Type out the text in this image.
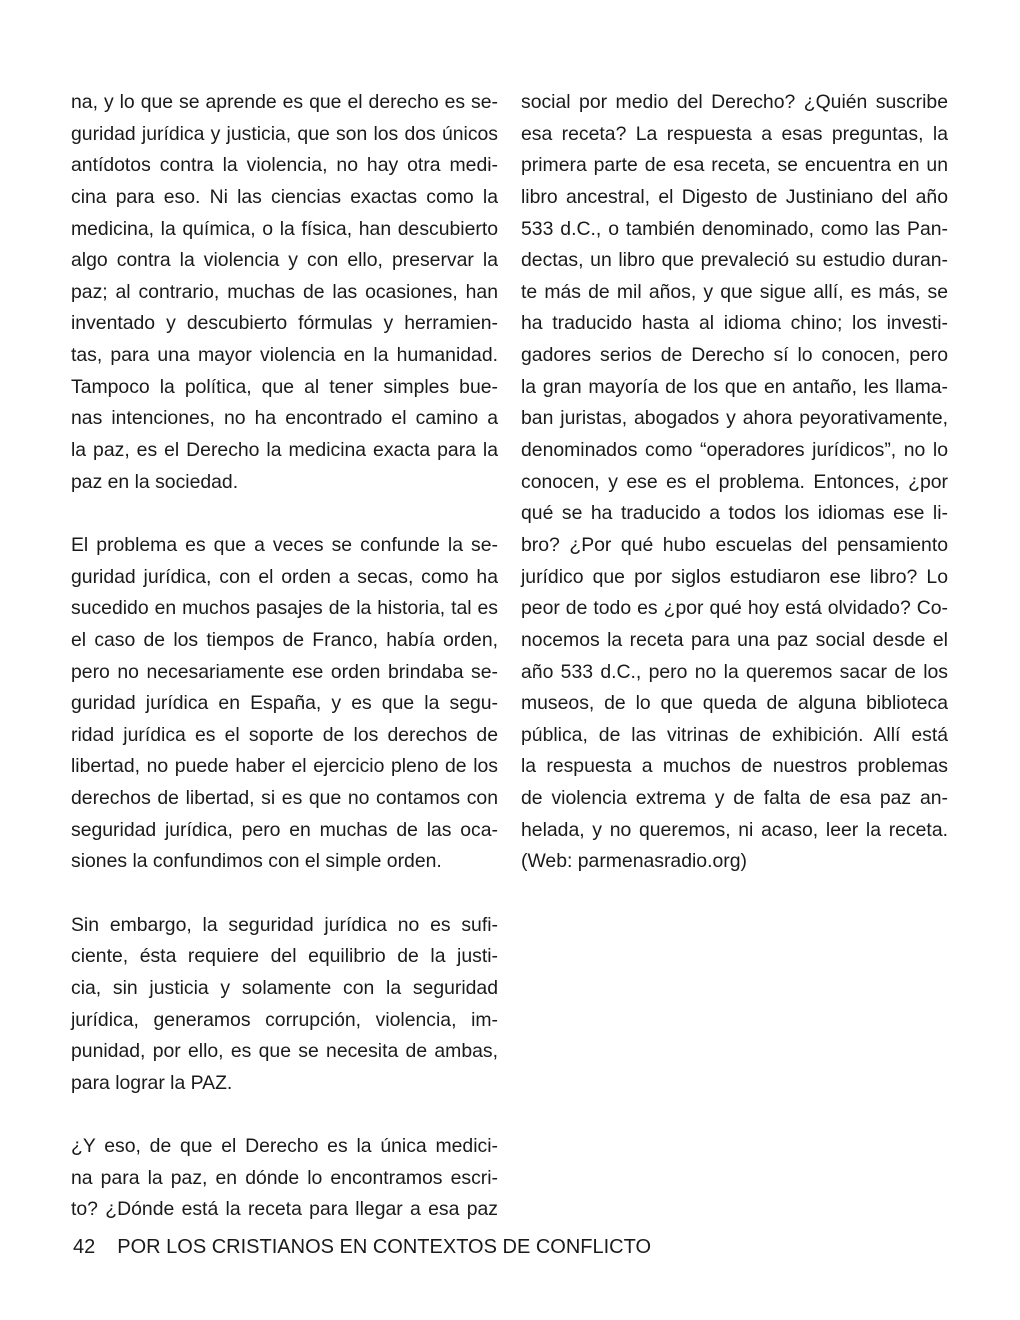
na, y lo que se aprende es que el derecho es se-
guridad jurídica y justicia, que son los dos únicos
antídotos contra la violencia, no hay otra medi-
cina para eso. Ni las ciencias exactas como la
medicina, la química, o la física, han descubierto
algo contra la violencia y con ello, preservar la
paz; al contrario, muchas de las ocasiones, han
inventado y descubierto fórmulas y herramien-
tas, para una mayor violencia en la humanidad.
Tampoco la política, que al tener simples bue-
nas intenciones, no ha encontrado el camino a
la paz, es el Derecho la medicina exacta para la
paz en la sociedad.
El problema es que a veces se confunde la se-
guridad jurídica, con el orden a secas, como ha
sucedido en muchos pasajes de la historia, tal es
el caso de los tiempos de Franco, había orden,
pero no necesariamente ese orden brindaba se-
guridad jurídica en España, y es que la segu-
ridad jurídica es el soporte de los derechos de
libertad, no puede haber el ejercicio pleno de los
derechos de libertad, si es que no contamos con
seguridad jurídica, pero en muchas de las oca-
siones la confundimos con el simple orden.
Sin embargo, la seguridad jurídica no es sufi-
ciente, ésta requiere del equilibrio de la justi-
cia, sin justicia y solamente con la seguridad
jurídica, generamos corrupción, violencia, im-
punidad, por ello, es que se necesita de ambas,
para lograr la PAZ.
¿Y eso, de que el Derecho es la única medici-
na para la paz, en dónde lo encontramos escri-
to? ¿Dónde está la receta para llegar a esa paz
social por medio del Derecho? ¿Quién suscribe
esa receta? La respuesta a esas preguntas, la
primera parte de esa receta, se encuentra en un
libro ancestral, el Digesto de Justiniano del año
533 d.C., o también denominado, como las Pan-
dectas, un libro que prevaleció su estudio duran-
te más de mil años, y que sigue allí, es más, se
ha traducido hasta al idioma chino; los investi-
gadores serios de Derecho sí lo conocen, pero
la gran mayoría de los que en antaño, les llama-
ban juristas, abogados y ahora peyorativamente,
denominados como “operadores jurídicos”, no lo
conocen, y ese es el problema. Entonces, ¿por
qué se ha traducido a todos los idiomas ese li-
bro? ¿Por qué hubo escuelas del pensamiento
jurídico que por siglos estudiaron ese libro? Lo
peor de todo es ¿por qué hoy está olvidado? Co-
nocemos la receta para una paz social desde el
año 533 d.C., pero no la queremos sacar de los
museos, de lo que queda de alguna biblioteca
pública, de las vitrinas de exhibición. Allí está
la respuesta a muchos de nuestros problemas
de violencia extrema y de falta de esa paz an-
helada, y no queremos, ni acaso, leer la receta.
(Web: parmenasradio.org)
42 POR LOS CRISTIANOS EN CONTEXTOS DE CONFLICTO
